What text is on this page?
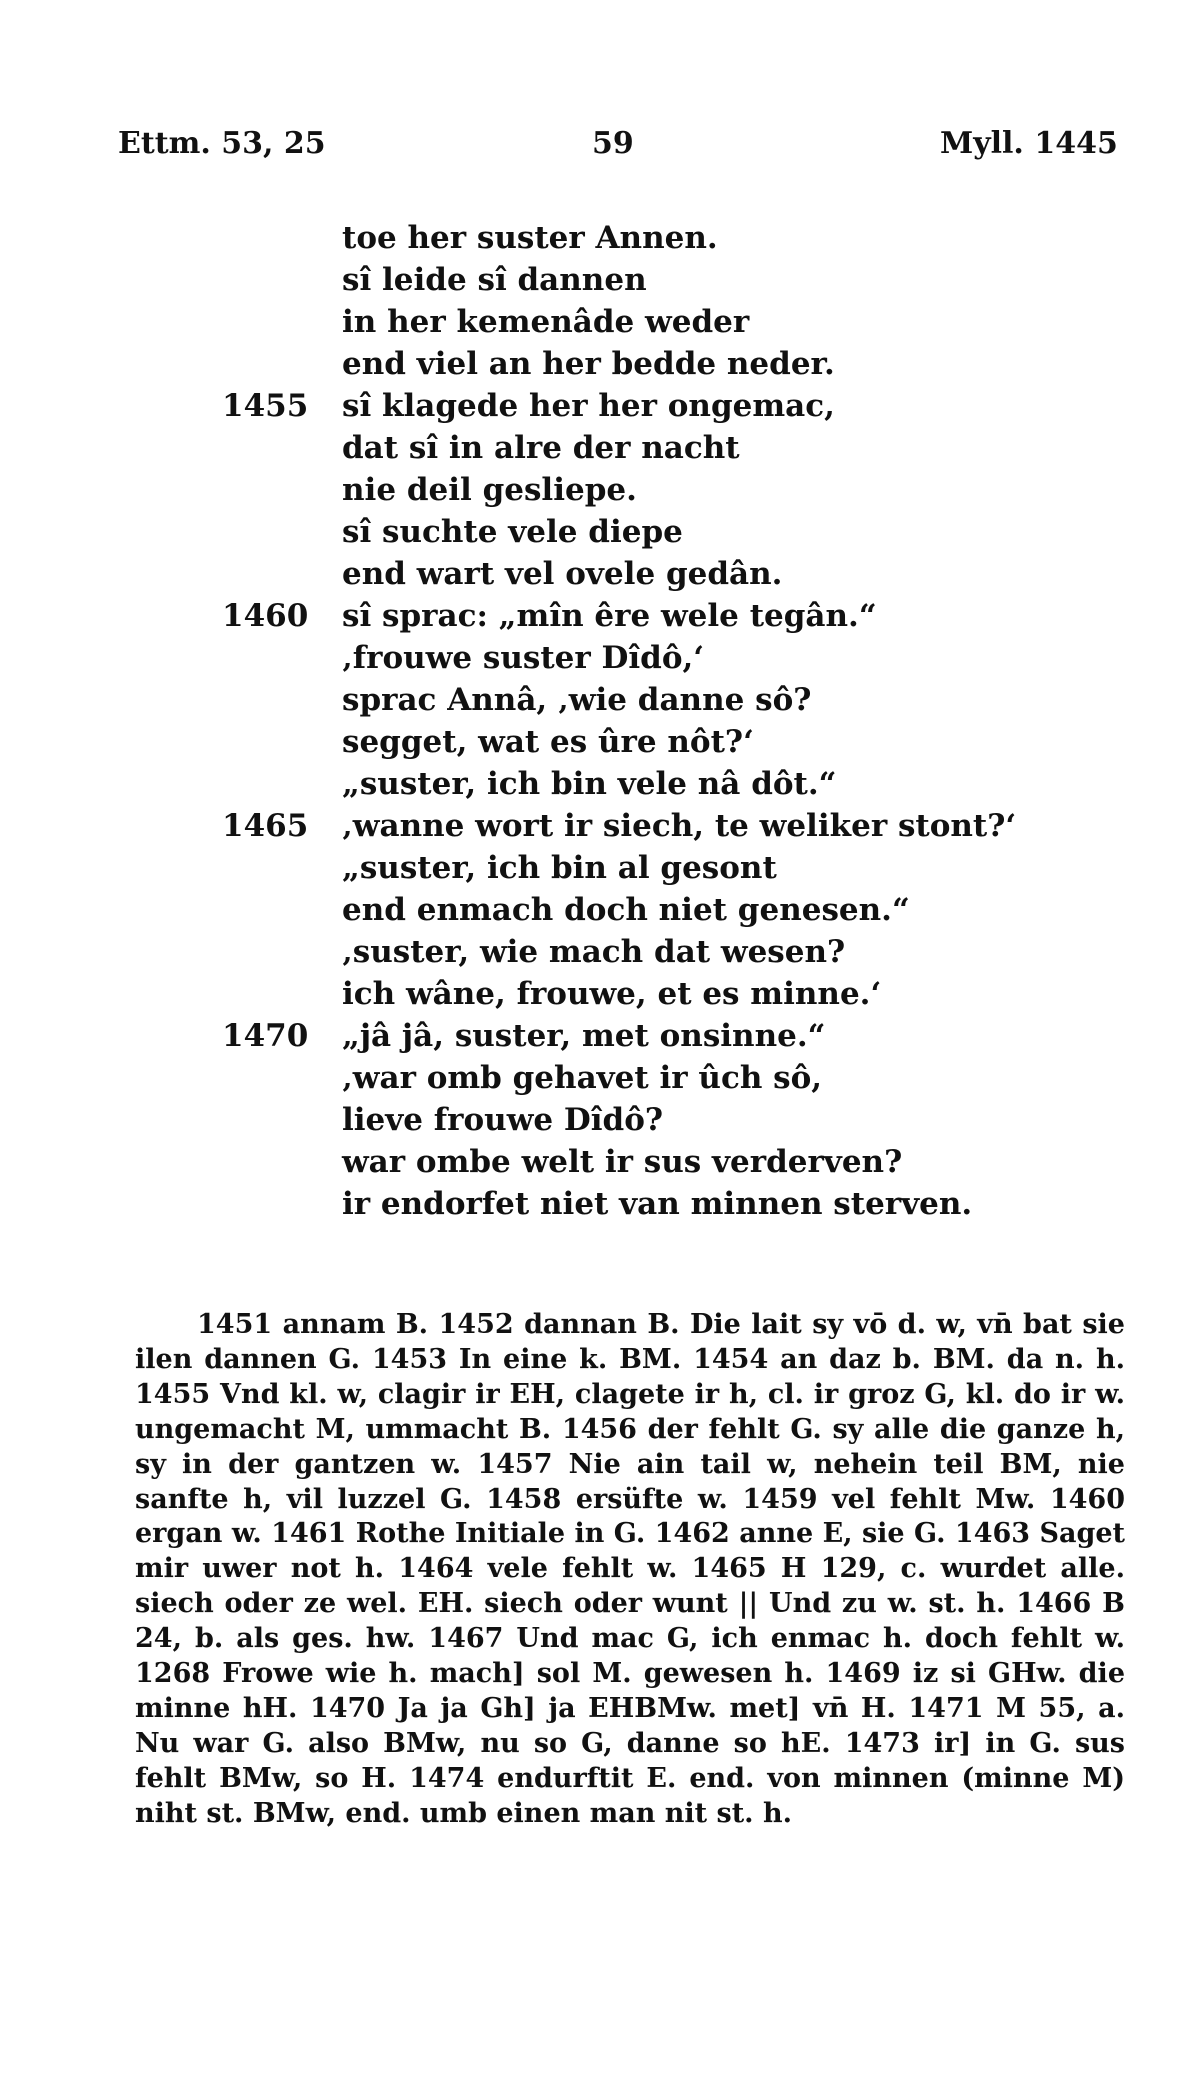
Ettm. 53, 25	59	Myll. 1445
toe her suster Annen.
sî leide sî dannen
in her kemenâde weder
end viel an her bedde neder.
1455 sî klagede her her ongemac,
dat sî in alre der nacht
nie deil gesliepe.
sî suchte vele diepe
end wart vel ovele gedân.
1460 sî sprac: „mîn êre wele tegân.“
‚frouwe suster Dîdô,‘
sprac Annâ, ‚wie danne sô?
segget, wat es ûre nôt?‘
„suster, ich bin vele nâ dôt.“
1465 ‚wanne wort ir siech, te weliker stont?‘
„suster, ich bin al gesont
end enmach doch niet genesen.“
‚suster, wie mach dat wesen?
ich wâne, frouwe, et es minne.‘
1470 „jâ jâ, suster, met onsinne.“
‚war omb gehavet ir ûch sô,
lieve frouwe Dîdô?
war ombe welt ir sus verderven?
ir endorfet niet van minnen sterven.

1451 annam B. 1452 dannan B. Die lait sy vō d. w, vn̄ bat sie ilen dannen G. 1453 In eine k. BM. 1454 an daz b. BM. da n. h. 1455 Vnd kl. w, clagir ir EH, clagete ir h, cl. ir groz G, kl. do ir w. ungemacht M, ummacht B. 1456 der fehlt G. sy alle die ganze h, sy in der gantzen w. 1457 Nie ain tail w, nehein teil BM, nie sanfte h, vil luzzel G. 1458 ersüfte w. 1459 vel fehlt Mw. 1460 ergan w. 1461 Rothe Initiale in G. 1462 anne E, sie G. 1463 Saget mir uwer not h. 1464 vele fehlt w. 1465 H 129, c. wurdet alle. siech oder ze wel. EH. siech oder wunt || Und zu w. st. h. 1466 B 24, b. als ges. hw. 1467 Und mac G, ich enmac h. doch fehlt w. 1268 Frowe wie h. mach] sol M. gewesen h. 1469 iz si GHw. die minne hH. 1470 Ja ja Gh] ja EHBMw. met] vn̄ H. 1471 M 55, a. Nu war G. also BMw, nu so G, danne so hE. 1473 ir] in G. sus fehlt BMw, so H. 1474 endurftit E. end. von minnen (minne M) niht st. BMw, end. umb einen man nit st. h.
